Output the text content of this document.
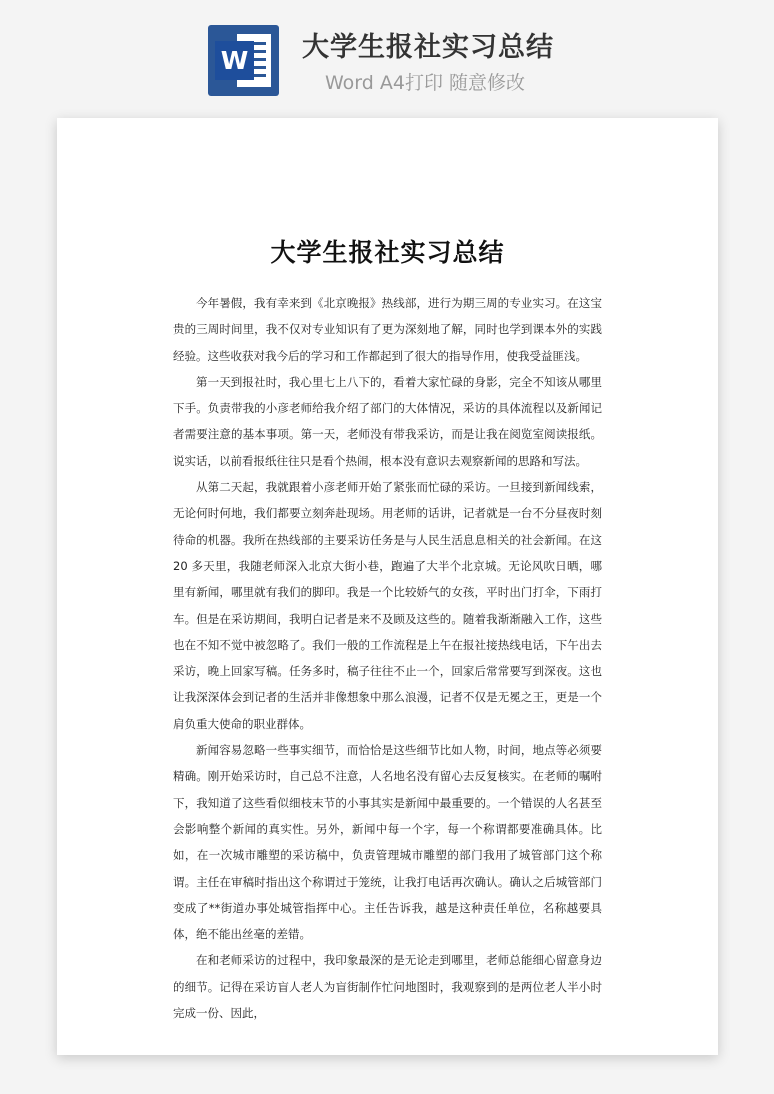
W 大学生报社实习总结
Word A4打印 随意修改
大学生报社实习总结

今年暑假，我有幸来到《北京晚报》热线部，进行为期三周的专业实习。在这宝贵的三周时间里，我不仅对专业知识有了更为深刻地了解，同时也学到课本外的实践经验。这些收获对我今后的学习和工作都起到了很大的指导作用，使我受益匪浅。

第一天到报社时，我心里七上八下的，看着大家忙碌的身影，完全不知该从哪里下手。负责带我的小彦老师给我介绍了部门的大体情况，采访的具体流程以及新闻记者需要注意的基本事项。第一天，老师没有带我采访，而是让我在阅览室阅读报纸。说实话，以前看报纸往往只是看个热闹，根本没有意识去观察新闻的思路和写法。

从第二天起，我就跟着小彦老师开始了紧张而忙碌的采访。一旦接到新闻线索，无论何时何地，我们都要立刻奔赴现场。用老师的话讲，记者就是一台不分昼夜时刻待命的机器。我所在热线部的主要采访任务是与人民生活息息相关的社会新闻。在这 20 多天里，我随老师深入北京大街小巷，跑遍了大半个北京城。无论风吹日晒，哪里有新闻，哪里就有我们的脚印。我是一个比较娇气的女孩，平时出门打伞，下雨打车。但是在采访期间，我明白记者是来不及顾及这些的。随着我渐渐融入工作，这些也在不知不觉中被忽略了。我们一般的工作流程是上午在报社接热线电话，下午出去采访，晚上回家写稿。任务多时，稿子往往不止一个，回家后常常要写到深夜。这也让我深深体会到记者的生活并非像想象中那么浪漫，记者不仅是无冕之王，更是一个肩负重大使命的职业群体。

新闻容易忽略一些事实细节，而恰恰是这些细节比如人物，时间，地点等必须要精确。刚开始采访时，自己总不注意，人名地名没有留心去反复核实。在老师的嘱咐下，我知道了这些看似细枝末节的小事其实是新闻中最重要的。一个错误的人名甚至会影响整个新闻的真实性。另外，新闻中每一个字，每一个称谓都要准确具体。比如，在一次城市雕塑的采访稿中，负责管理城市雕塑的部门我用了城管部门这个称谓。主任在审稿时指出这个称谓过于笼统，让我打电话再次确认。确认之后城管部门变成了**街道办事处城管指挥中心。主任告诉我，越是这种责任单位，名称越要具体，绝不能出丝毫的差错。

在和老师采访的过程中，我印象最深的是无论走到哪里，老师总能细心留意身边的细节。记得在采访盲人老人为盲街制作忙问地图时，我观察到的是两位老人半小时完成一份、因此，
